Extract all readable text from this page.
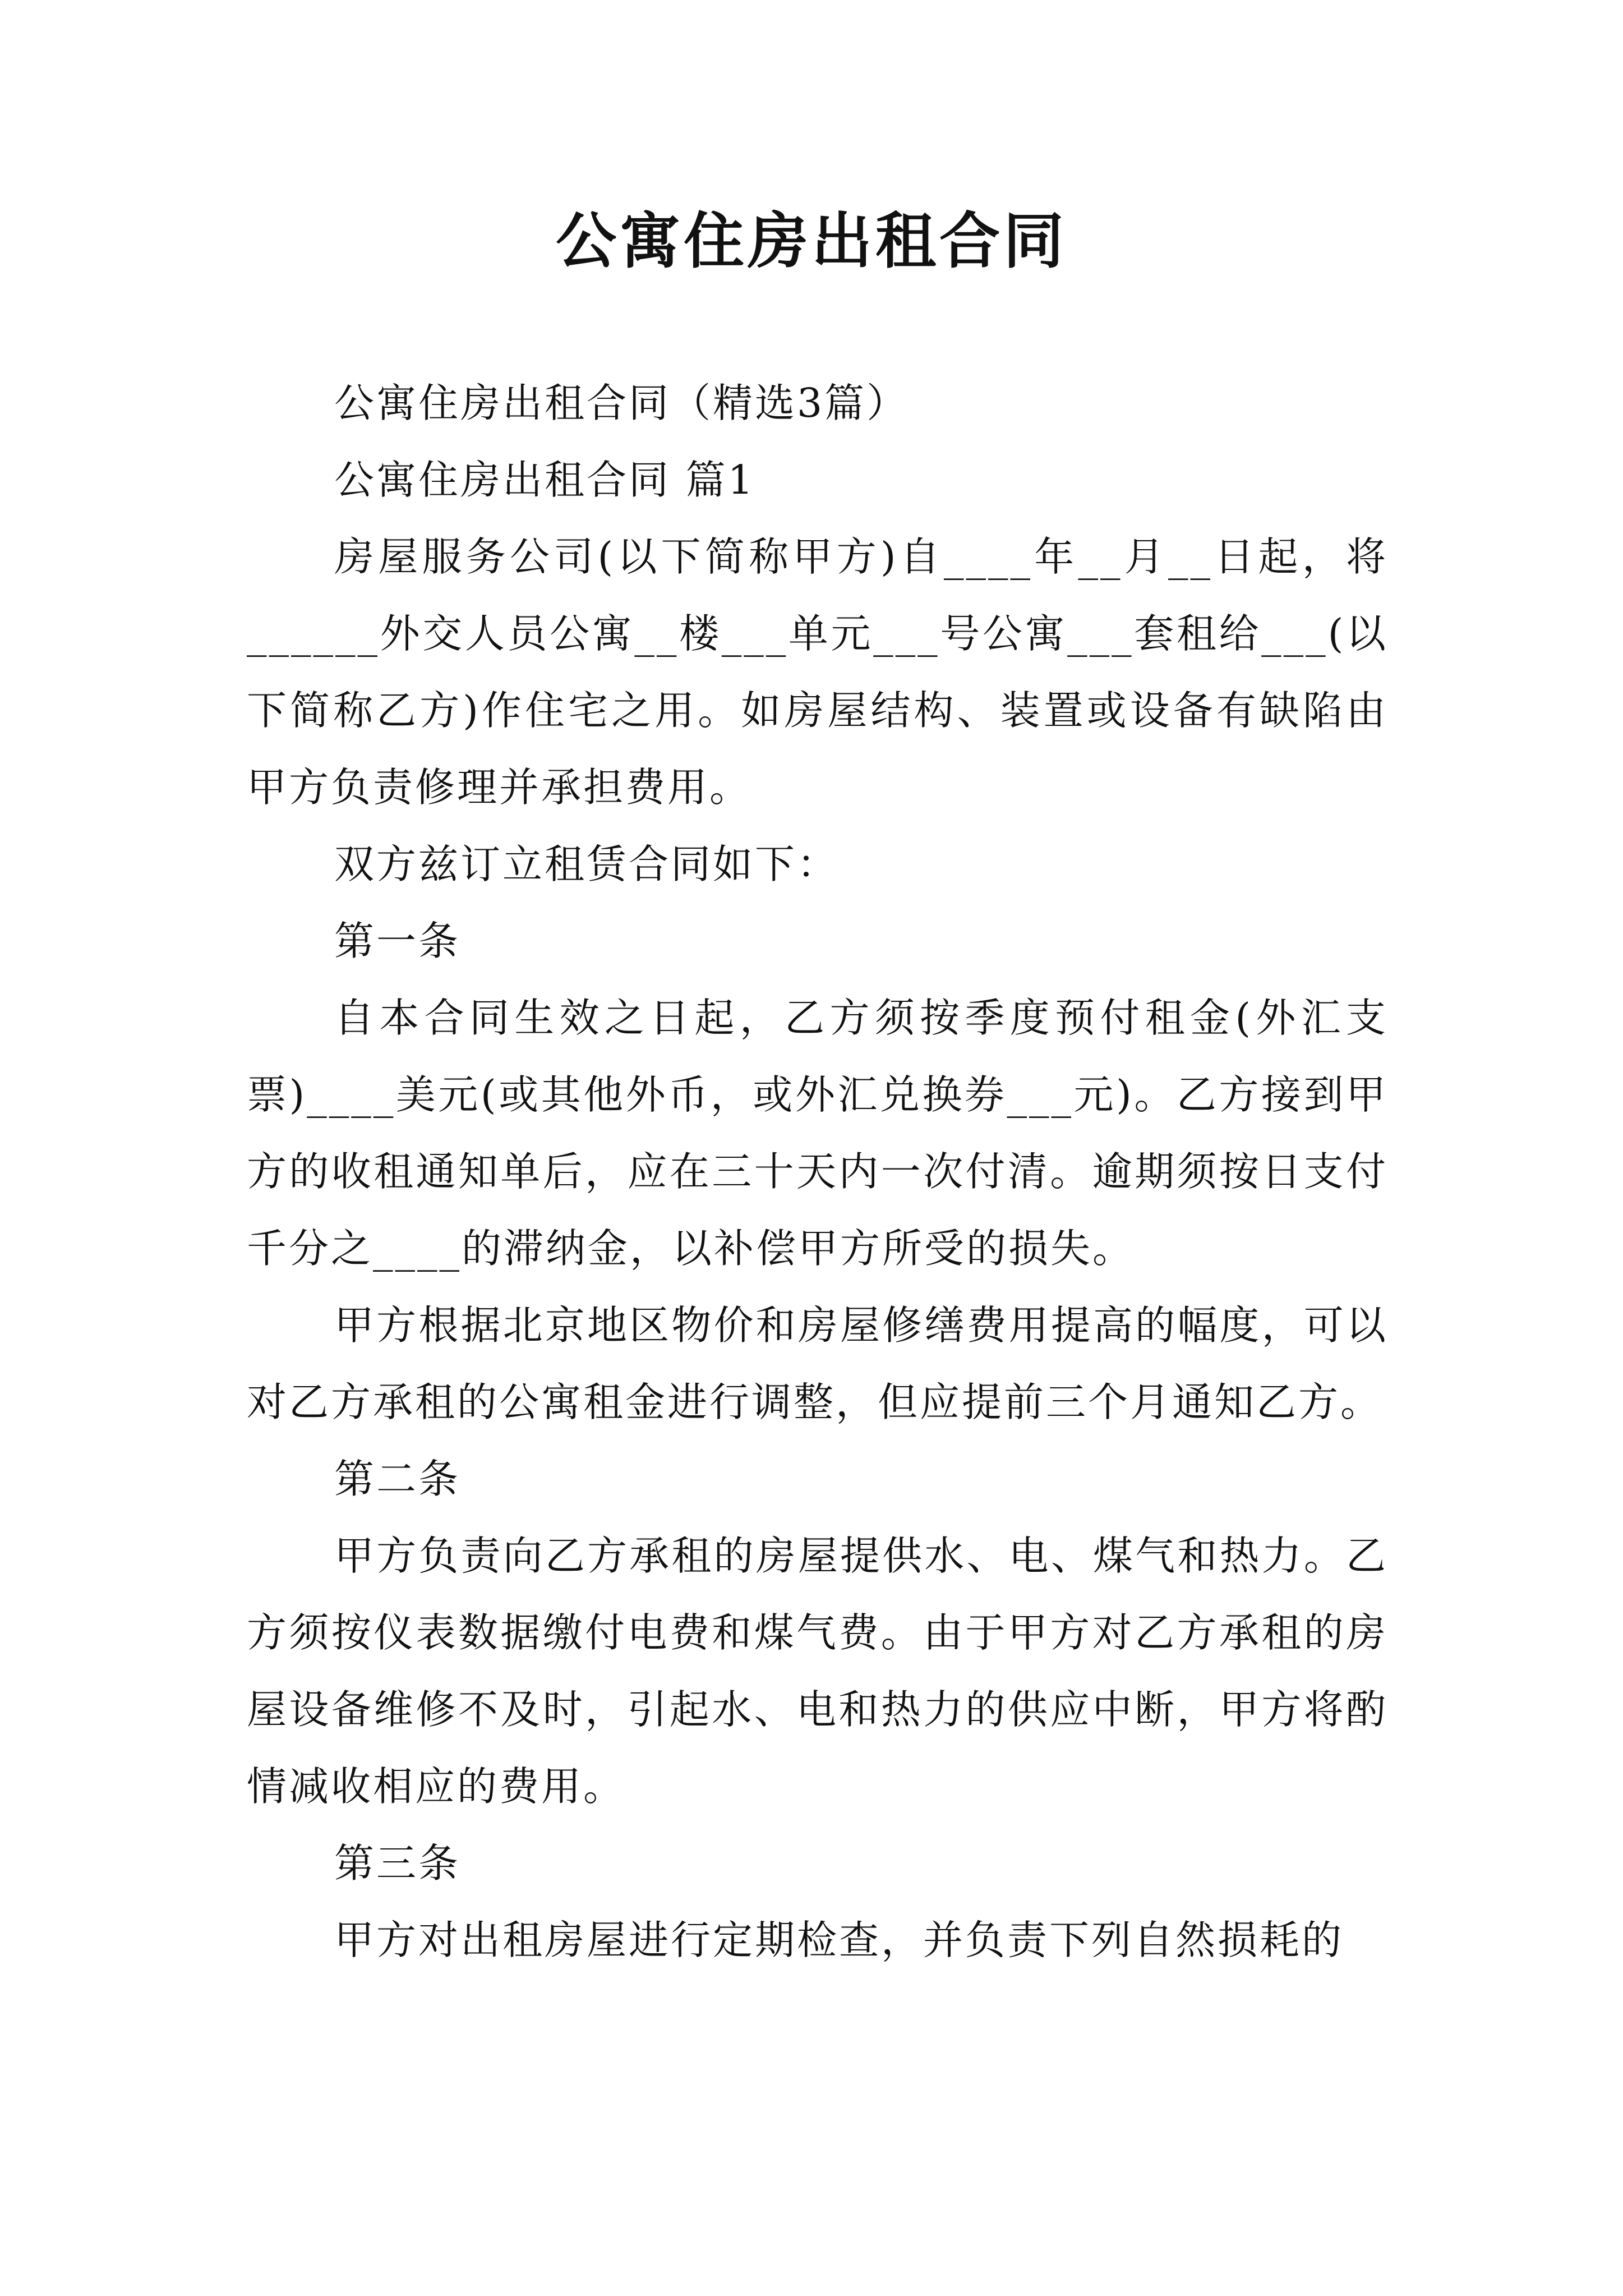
公寓住房出租合同

公寓住房出租合同（精选3篇）

公寓住房出租合同 篇1

房屋服务公司(以下简称甲方)自____年__月__日起，将______外交人员公寓__楼___单元___号公寓___套租给___(以下简称乙方)作住宅之用。如房屋结构、装置或设备有缺陷由甲方负责修理并承担费用。

双方兹订立租赁合同如下：

第一条

自本合同生效之日起，乙方须按季度预付租金(外汇支票)____美元(或其他外币，或外汇兑换券___元)。乙方接到甲方的收租通知单后，应在三十天内一次付清。逾期须按日支付千分之____的滞纳金，以补偿甲方所受的损失。

甲方根据北京地区物价和房屋修缮费用提高的幅度，可以对乙方承租的公寓租金进行调整，但应提前三个月通知乙方。

第二条

甲方负责向乙方承租的房屋提供水、电、煤气和热力。乙方须按仪表数据缴付电费和煤气费。由于甲方对乙方承租的房屋设备维修不及时，引起水、电和热力的供应中断，甲方将酌情减收相应的费用。

第三条

甲方对出租房屋进行定期检查，并负责下列自然损耗的
